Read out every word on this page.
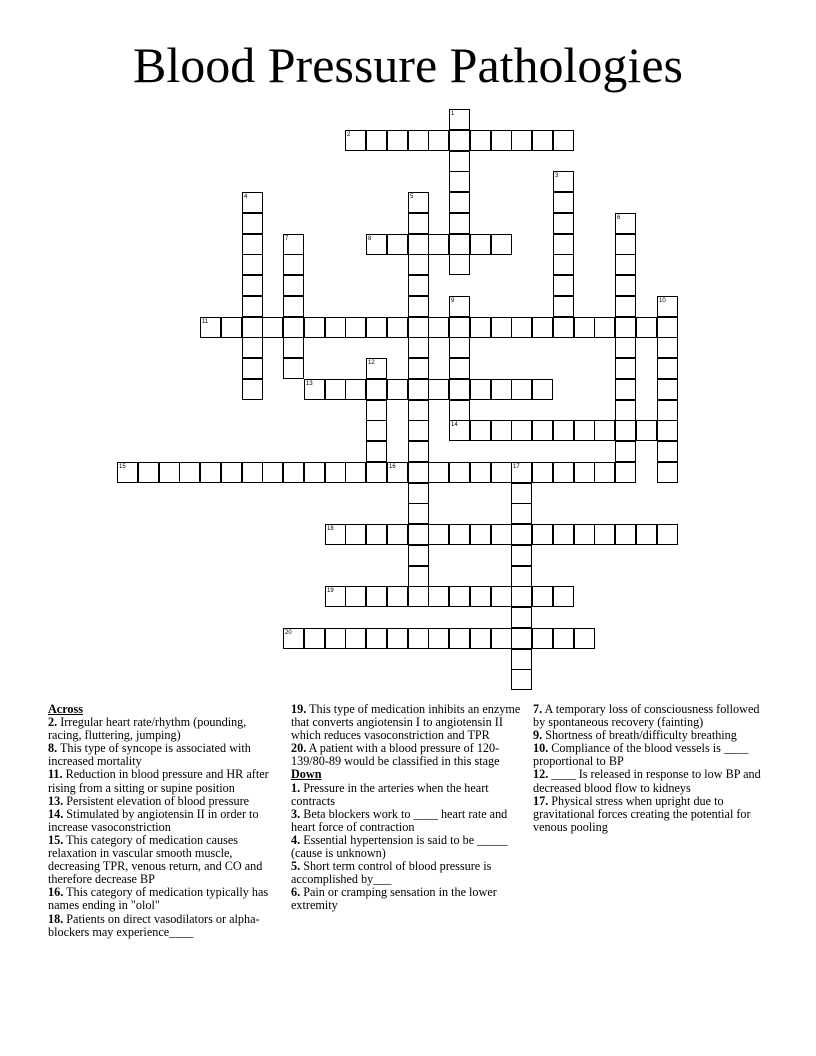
Blood Pressure Pathologies
1
2
3
4	5
6
7	8
9	10
11
12
13
14
15	16	17
18
19
20

Across

2. Irregular heart rate/rhythm (pounding, racing, fluttering, jumping)
8. This type of syncope is associated with increased mortality
11. Reduction in blood pressure and HR after rising from a sitting or supine position
13. Persistent elevation of blood pressure
14. Stimulated by angiotensin II in order to increase vasoconstriction
15. This category of medication causes relaxation in vascular smooth muscle, decreasing TPR, venous return, and CO and therefore decrease BP
16. This category of medication typically has names ending in "olol"
18. Patients on direct vasodilators or alpha-blockers may experience____
19. This type of medication inhibits an enzyme that converts angiotensin I to angiotensin II which reduces vasoconstriction and TPR
20. A patient with a blood pressure of 120-139/80-89 would be classified in this stage

Down

1. Pressure in the arteries when the heart contracts
3. Beta blockers work to ____ heart rate and heart force of contraction
4. Essential hypertension is said to be _____ (cause is unknown)
5. Short term control of blood pressure is accomplished by___
6. Pain or cramping sensation in the lower extremity
7. A temporary loss of consciousness followed by spontaneous recovery (fainting)
9. Shortness of breath/difficulty breathing
10. Compliance of the blood vessels is ____ proportional to BP
12. ____ Is released in response to low BP and decreased blood flow to kidneys
17. Physical stress when upright due to gravitational forces creating the potential for venous pooling
